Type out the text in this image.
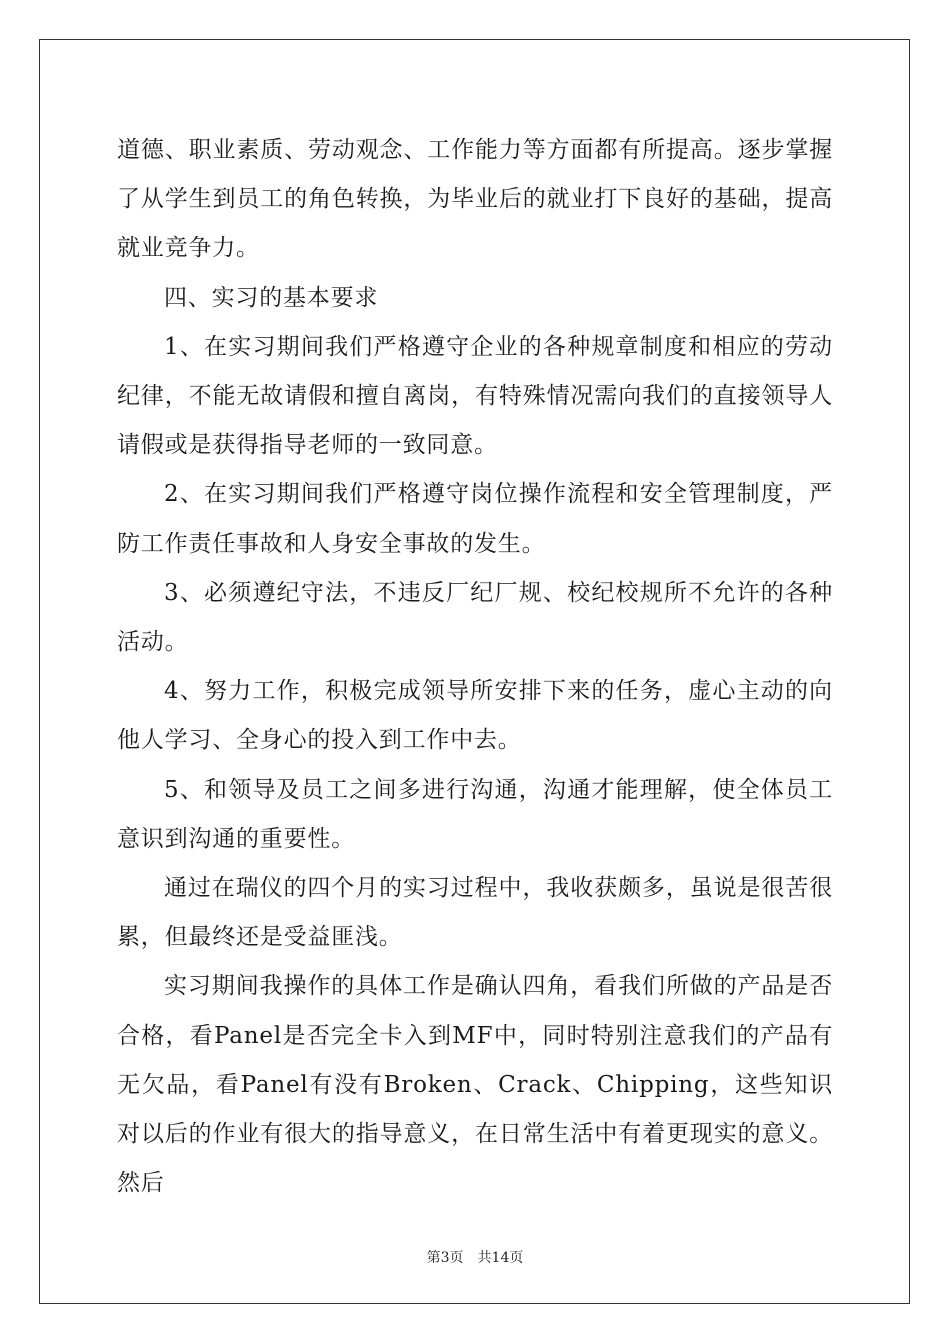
道德、职业素质、劳动观念、工作能力等方面都有所提高。逐步掌握了从学生到员工的角色转换，为毕业后的就业打下良好的基础，提高就业竞争力。

四、实习的基本要求

1、在实习期间我们严格遵守企业的各种规章制度和相应的劳动纪律，不能无故请假和擅自离岗，有特殊情况需向我们的直接领导人请假或是获得指导老师的一致同意。

2、在实习期间我们严格遵守岗位操作流程和安全管理制度，严防工作责任事故和人身安全事故的发生。

3、必须遵纪守法，不违反厂纪厂规、校纪校规所不允许的各种活动。

4、努力工作，积极完成领导所安排下来的任务，虚心主动的向他人学习、全身心的投入到工作中去。

5、和领导及员工之间多进行沟通，沟通才能理解，使全体员工意识到沟通的重要性。

通过在瑞仪的四个月的实习过程中，我收获颇多，虽说是很苦很累，但最终还是受益匪浅。

实习期间我操作的具体工作是确认四角，看我们所做的产品是否合格，看Panel是否完全卡入到MF中，同时特别注意我们的产品有无欠品，看Panel有没有Broken、Crack、Chipping，这些知识对以后的作业有很大的指导意义，在日常生活中有着更现实的意义。然后

第3页 共14页
